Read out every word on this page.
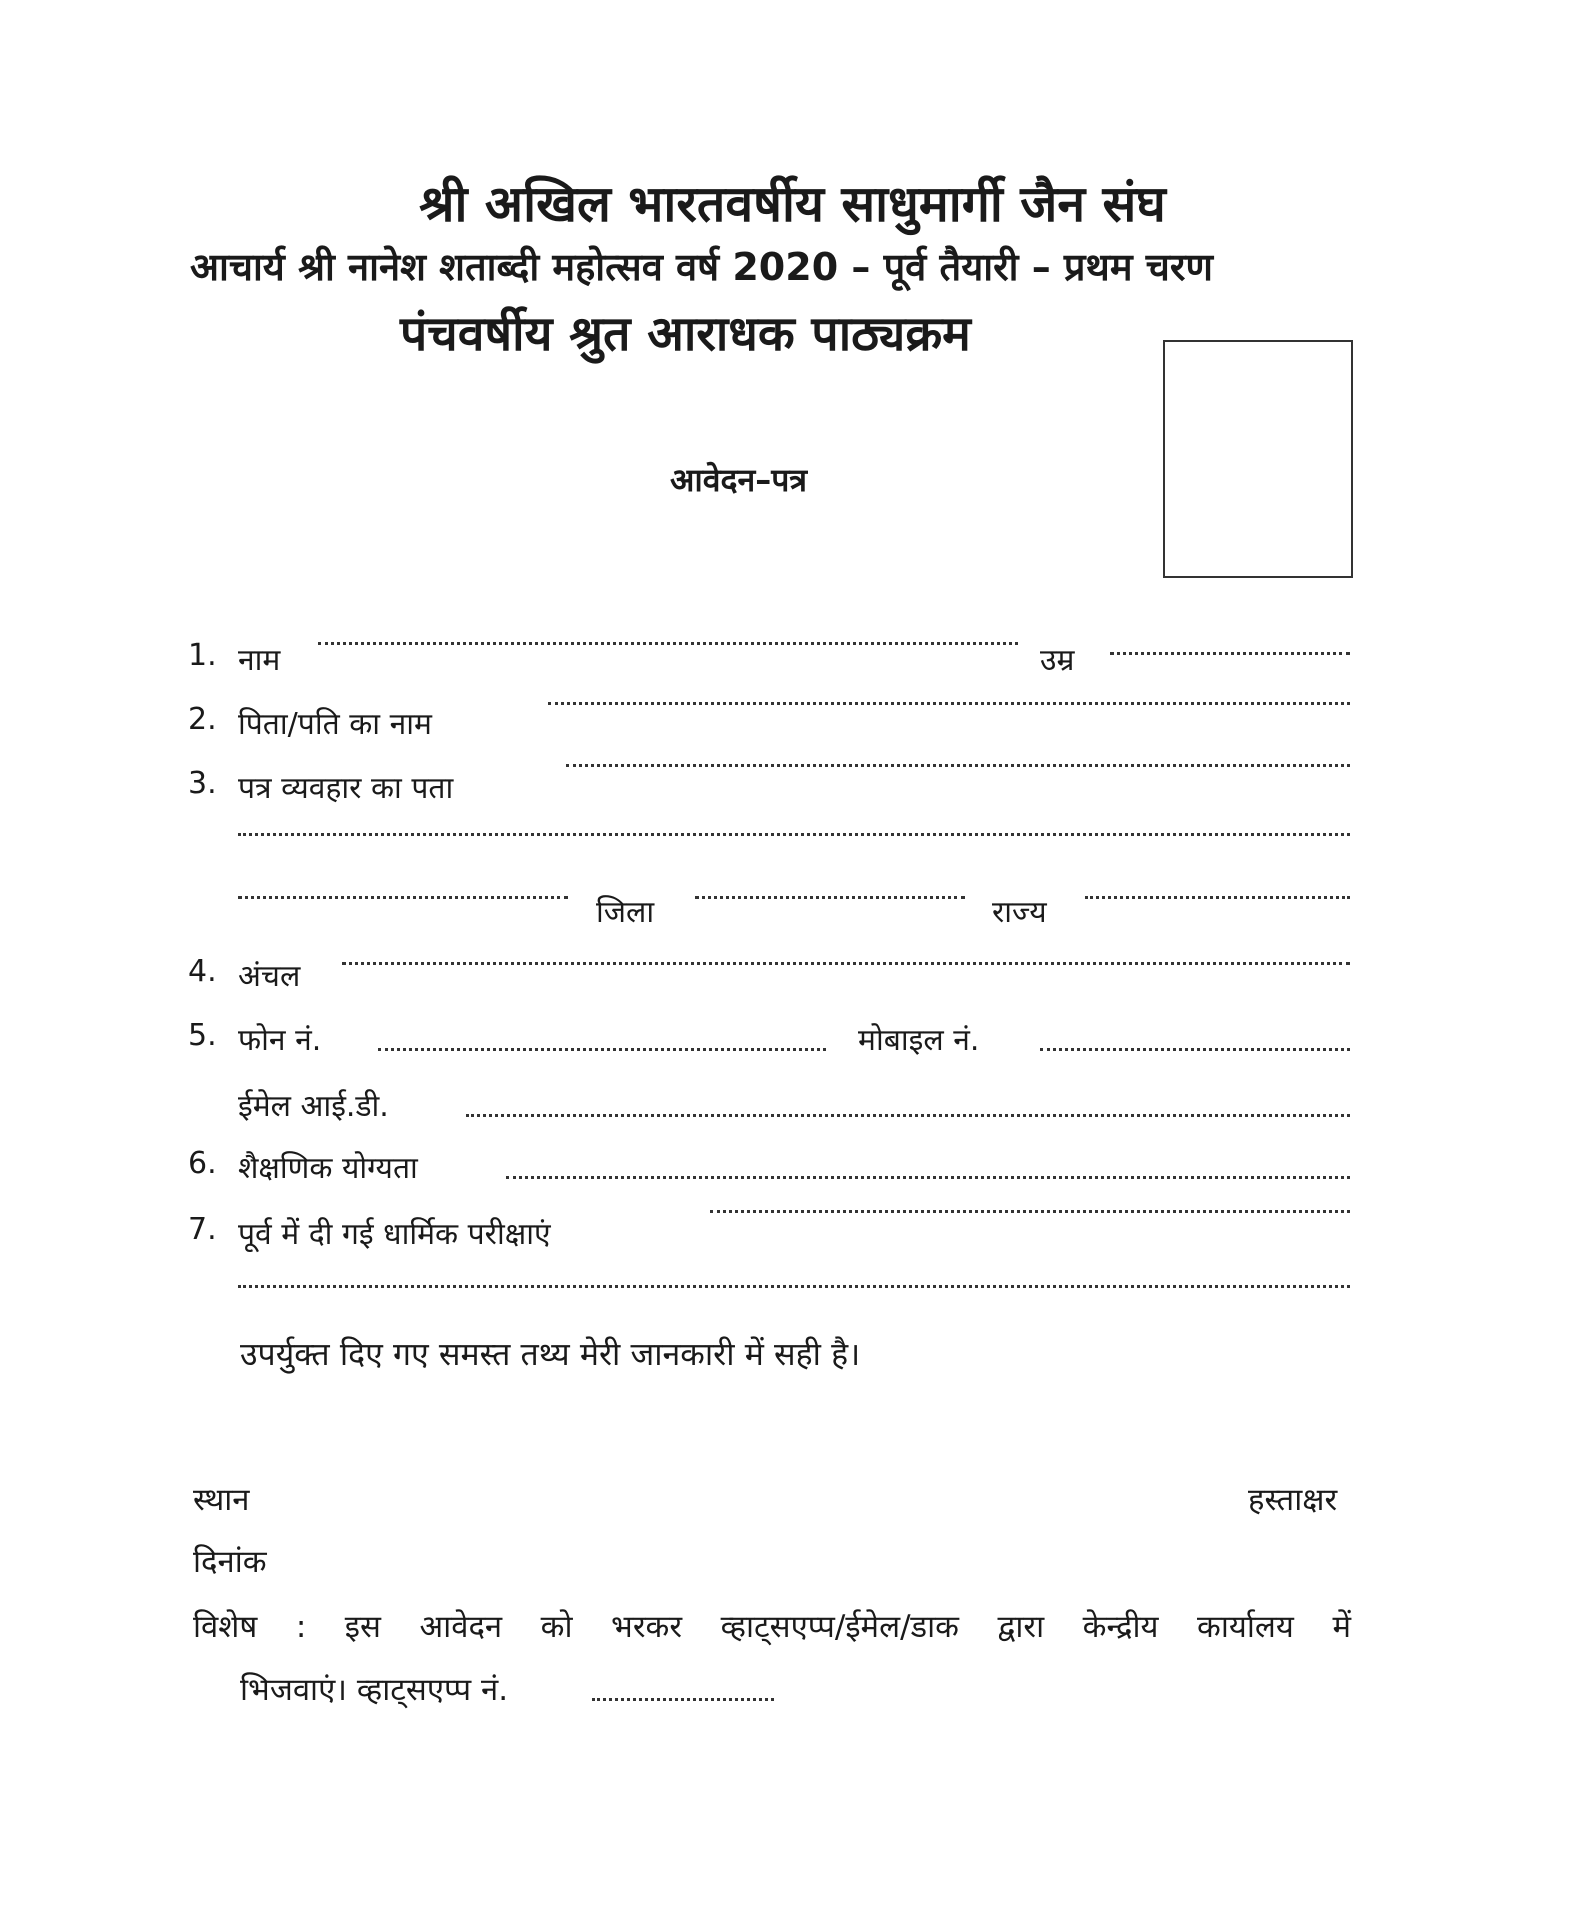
श्री अखिल भारतवर्षीय साधुमार्गी जैन संघ
आचार्य श्री नानेश शताब्दी महोत्सव वर्ष 2020 – पूर्व तैयारी – प्रथम चरण
पंचवर्षीय श्रुत आराधक पाठ्यक्रम
आवेदन–पत्र
1. नाम	उम्र
2. पिता/पति का नाम
3. पत्र व्यवहार का पता
जिला	राज्य
4. अंचल
5. फोन नं.	मोबाइल नं.
ईमेल आई.डी.
6. शैक्षणिक योग्यता
7. पूर्व में दी गई धार्मिक परीक्षाएं
उपर्युक्त दिए गए समस्त तथ्य मेरी जानकारी में सही है।
स्थान	हस्ताक्षर
दिनांक
विशेष : इस आवेदन को भरकर व्हाट्सएप्प/ईमेल/डाक द्वारा केन्द्रीय कार्यालय में
भिजवाएं। व्हाट्सएप्प नं.
